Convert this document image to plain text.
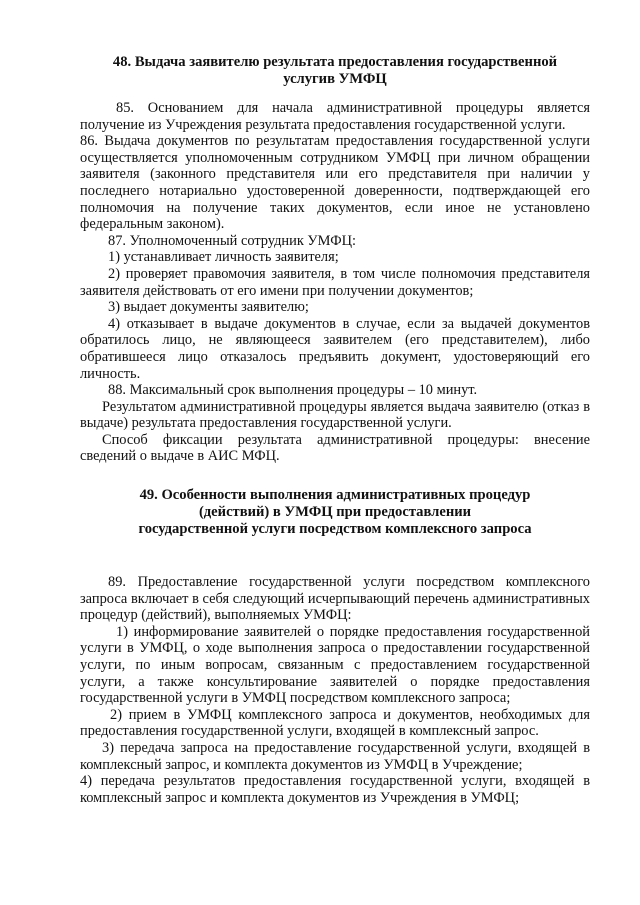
48. Выдача заявителю результата предоставления государственной
услугив УМФЦ

85. Основанием для начала административной процедуры является получение из Учреждения результата предоставления государственной услуги.

86. Выдача документов по результатам предоставления государственной услуги осуществляется уполномоченным сотрудником УМФЦ при личном обращении заявителя (законного представителя или его представителя при наличии у последнего нотариально удостоверенной доверенности, подтверждающей его полномочия на получение таких документов, если иное не установлено федеральным законом).

87. Уполномоченный сотрудник УМФЦ:

1) устанавливает личность заявителя;

2) проверяет правомочия заявителя, в том числе полномочия представителя заявителя действовать от его имени при получении документов;

3) выдает документы заявителю;

4) отказывает в выдаче документов в случае, если за выдачей документов обратилось лицо, не являющееся заявителем (его представителем), либо обратившееся лицо отказалось предъявить документ, удостоверяющий его личность.

88. Максимальный срок выполнения процедуры – 10 минут.

Результатом административной процедуры является выдача заявителю (отказ в выдаче) результата предоставления государственной услуги.

Способ фиксации результата административной процедуры: внесение сведений о выдаче в АИС МФЦ.

49. Особенности выполнения административных процедур
(действий) в УМФЦ при предоставлении
государственной услуги посредством комплексного запроса

89. Предоставление государственной услуги посредством комплексного запроса включает в себя следующий исчерпывающий перечень административных процедур (действий), выполняемых УМФЦ:

1) информирование заявителей о порядке предоставления государственной услуги в УМФЦ, о ходе выполнения запроса о предоставлении государственной услуги, по иным вопросам, связанным с предоставлением государственной услуги, а также консультирование заявителей о порядке предоставления государственной услуги в УМФЦ посредством комплексного запроса;

2) прием в УМФЦ комплексного запроса и документов, необходимых для предоставления государственной услуги, входящей в комплексный запрос.

3) передача запроса на предоставление государственной услуги, входящей в комплексный запрос, и комплекта документов из УМФЦ в Учреждение;

4) передача результатов предоставления государственной услуги, входящей в комплексный запрос и комплекта документов из Учреждения в УМФЦ;
